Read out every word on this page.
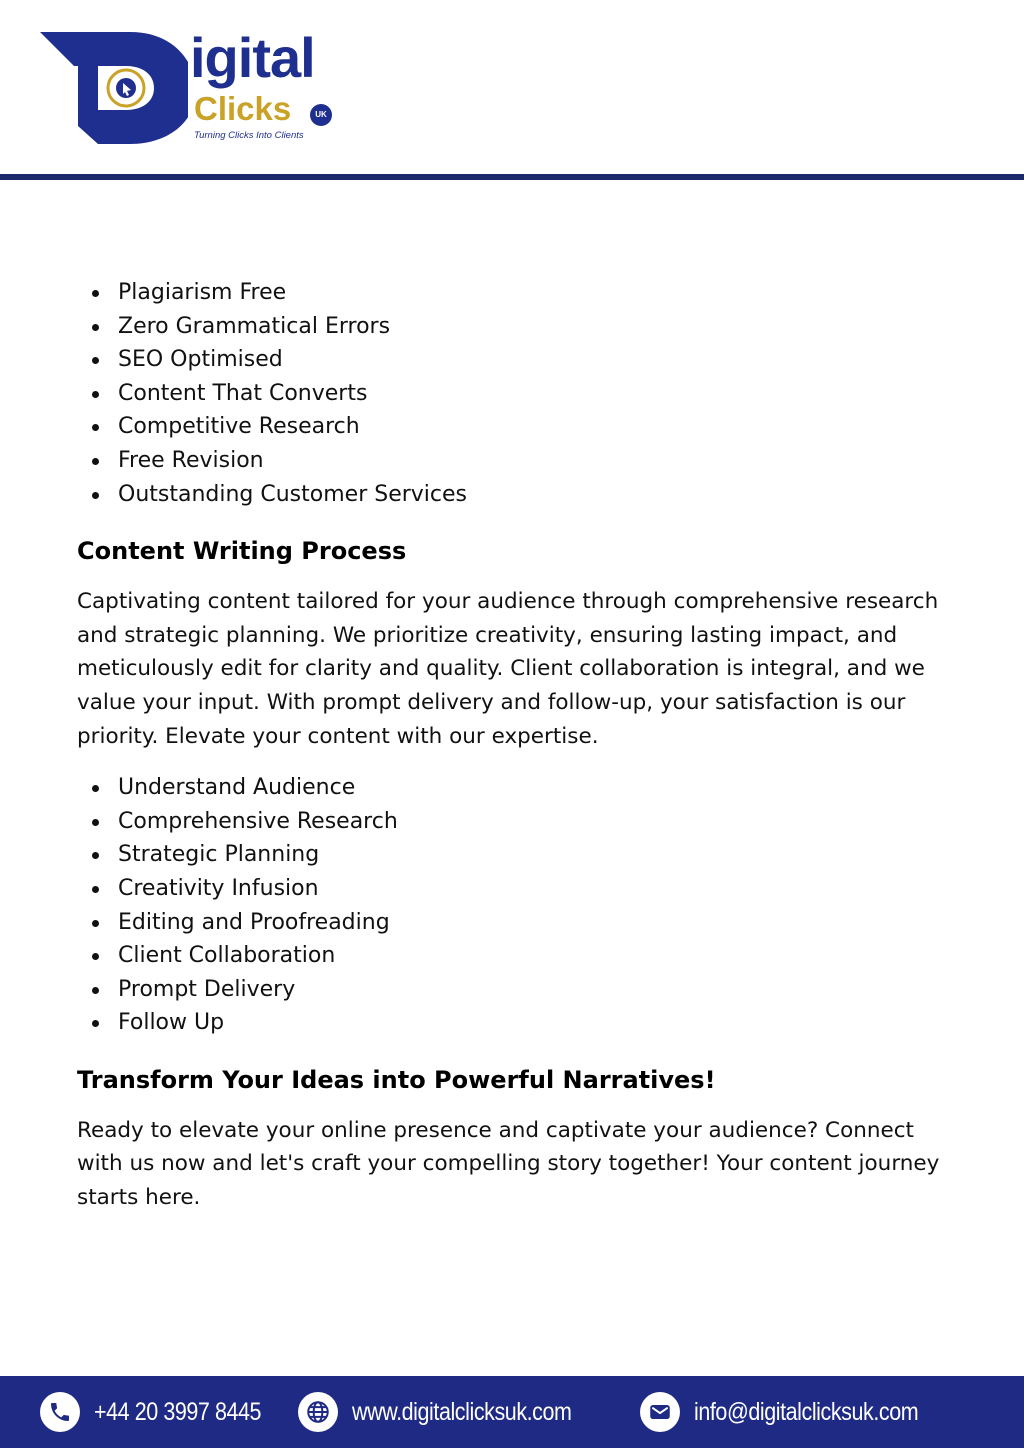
igital
Clicks	UK
Turning Clicks Into Clients
Plagiarism Free
Zero Grammatical Errors
SEO Optimised
Content That Converts
Competitive Research
Free Revision
Outstanding Customer Services
Content Writing Process

Captivating content tailored for your audience through comprehensive research and strategic planning. We prioritize creativity, ensuring lasting impact, and meticulously edit for clarity and quality. Client collaboration is integral, and we value your input. With prompt delivery and follow-up, your satisfaction is our priority. Elevate your content with our expertise.

Understand Audience
Comprehensive Research
Strategic Planning
Creativity Infusion
Editing and Proofreading
Client Collaboration
Prompt Delivery
Follow Up
Transform Your Ideas into Powerful Narratives!

Ready to elevate your online presence and captivate your audience? Connect with us now and let's craft your compelling story together! Your content journey starts here.

+44 20 3997 8445	www.digitalclicksuk.com	info@digitalclicksuk.com
